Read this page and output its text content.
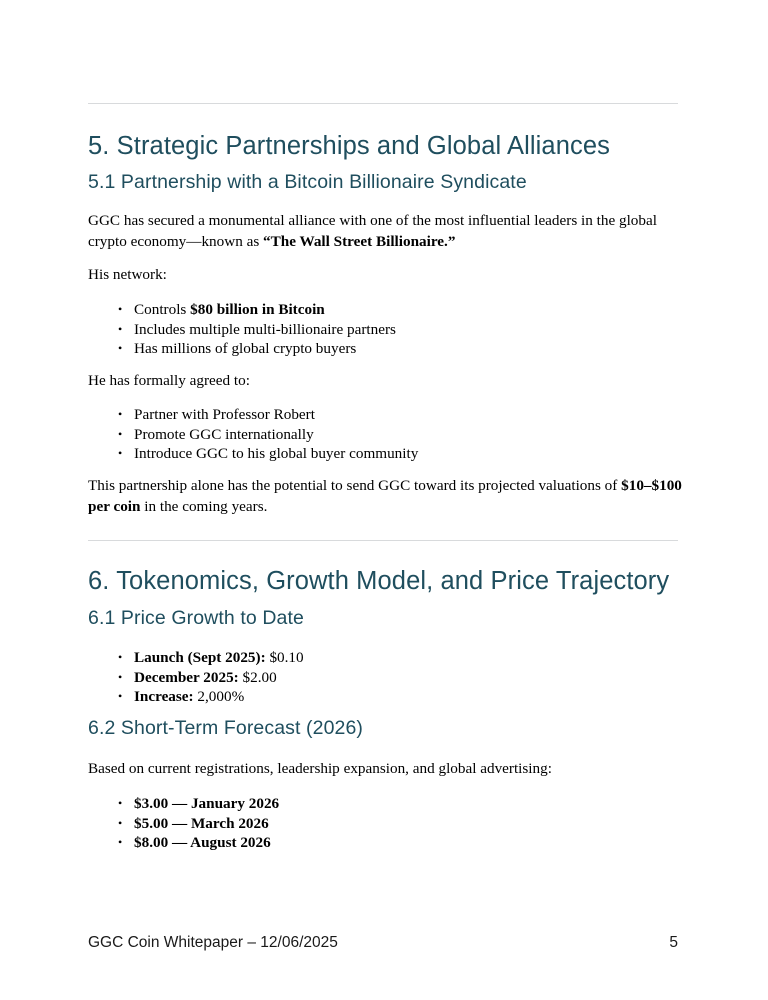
5. Strategic Partnerships and Global Alliances
5.1 Partnership with a Bitcoin Billionaire Syndicate

GGC has secured a monumental alliance with one of the most influential leaders in the global crypto economy—known as “The Wall Street Billionaire.”

His network:

• Controls $80 billion in Bitcoin
• Includes multiple multi-billionaire partners
• Has millions of global crypto buyers

He has formally agreed to:

• Partner with Professor Robert
• Promote GGC internationally
• Introduce GGC to his global buyer community

This partnership alone has the potential to send GGC toward its projected valuations of $10–$100 per coin in the coming years.

6. Tokenomics, Growth Model, and Price Trajectory
6.1 Price Growth to Date
• Launch (Sept 2025): $0.10
• December 2025: $2.00
• Increase: 2,000%
6.2 Short-Term Forecast (2026)

Based on current registrations, leadership expansion, and global advertising:

• $3.00 — January 2026
• $5.00 — March 2026
• $8.00 — August 2026
GGC Coin Whitepaper – 12/06/2025	5
